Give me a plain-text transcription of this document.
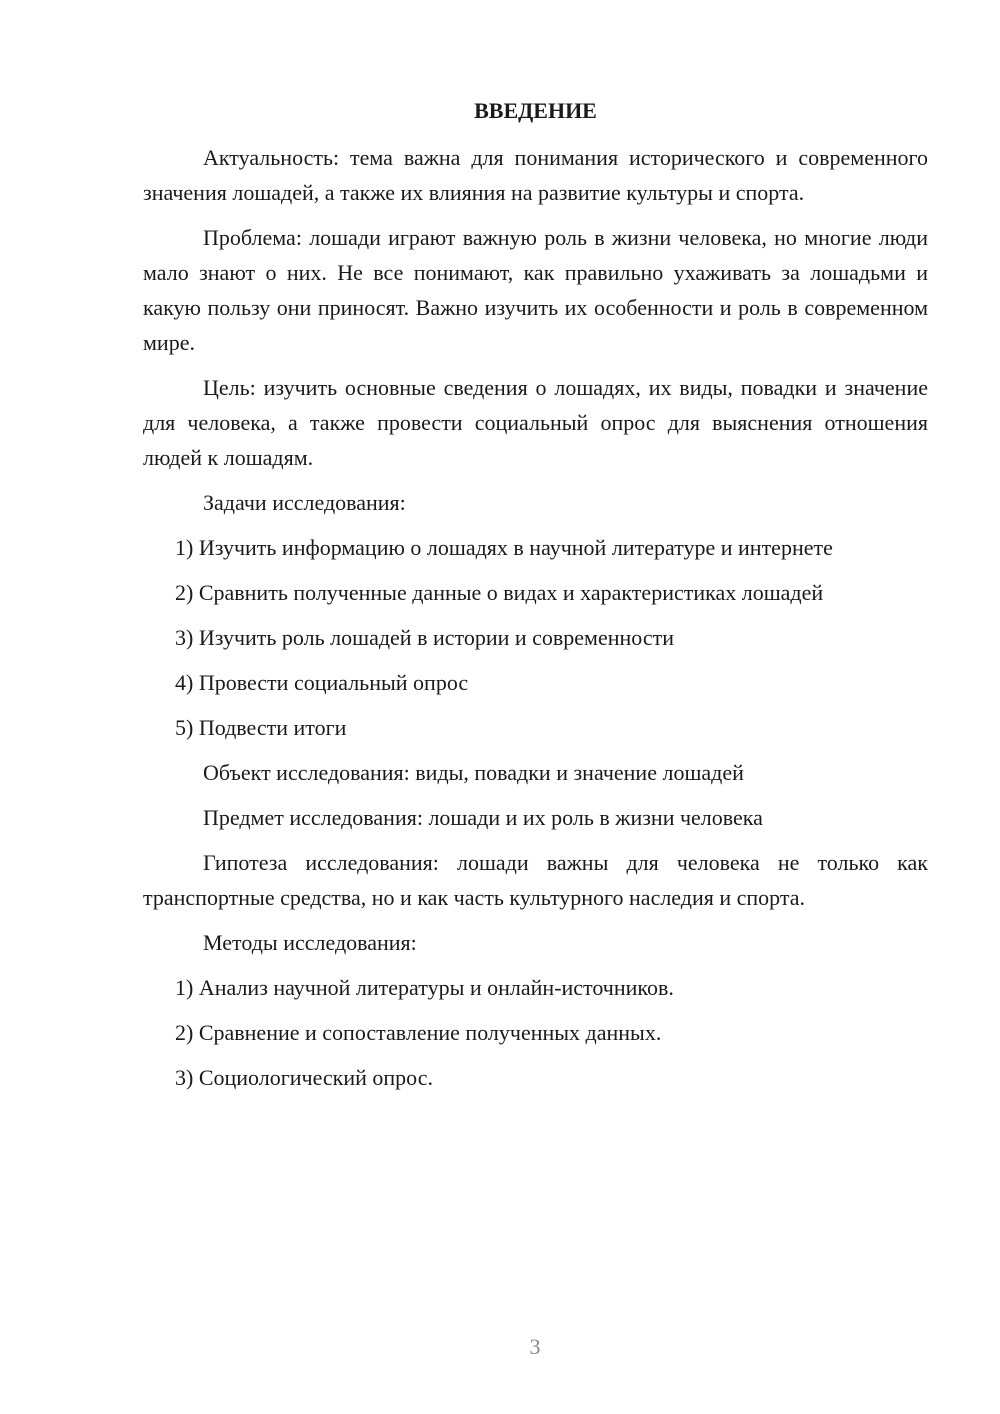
ВВЕДЕНИЕ

Актуальность: тема важна для понимания исторического и современного значения лошадей, а также их влияния на развитие культуры и спорта.

Проблема: лошади играют важную роль в жизни человека, но многие люди мало знают о них. Не все понимают, как правильно ухаживать за лошадьми и какую пользу они приносят. Важно изучить их особенности и роль в современном мире.

Цель: изучить основные сведения о лошадях, их виды, повадки и значение для человека, а также провести социальный опрос для выяснения отношения людей к лошадям.

Задачи исследования:

1) Изучить информацию о лошадях в научной литературе и интернете

2) Сравнить полученные данные о видах и характеристиках лошадей

3) Изучить роль лошадей в истории и современности

4) Провести социальный опрос

5) Подвести итоги

Объект исследования: виды, повадки и значение лошадей

Предмет исследования: лошади и их роль в жизни человека

Гипотеза исследования: лошади важны для человека не только как транспортные средства, но и как часть культурного наследия и спорта.

Методы исследования:

1) Анализ научной литературы и онлайн-источников.

2) Сравнение и сопоставление полученных данных.

3) Социологический опрос.

3
